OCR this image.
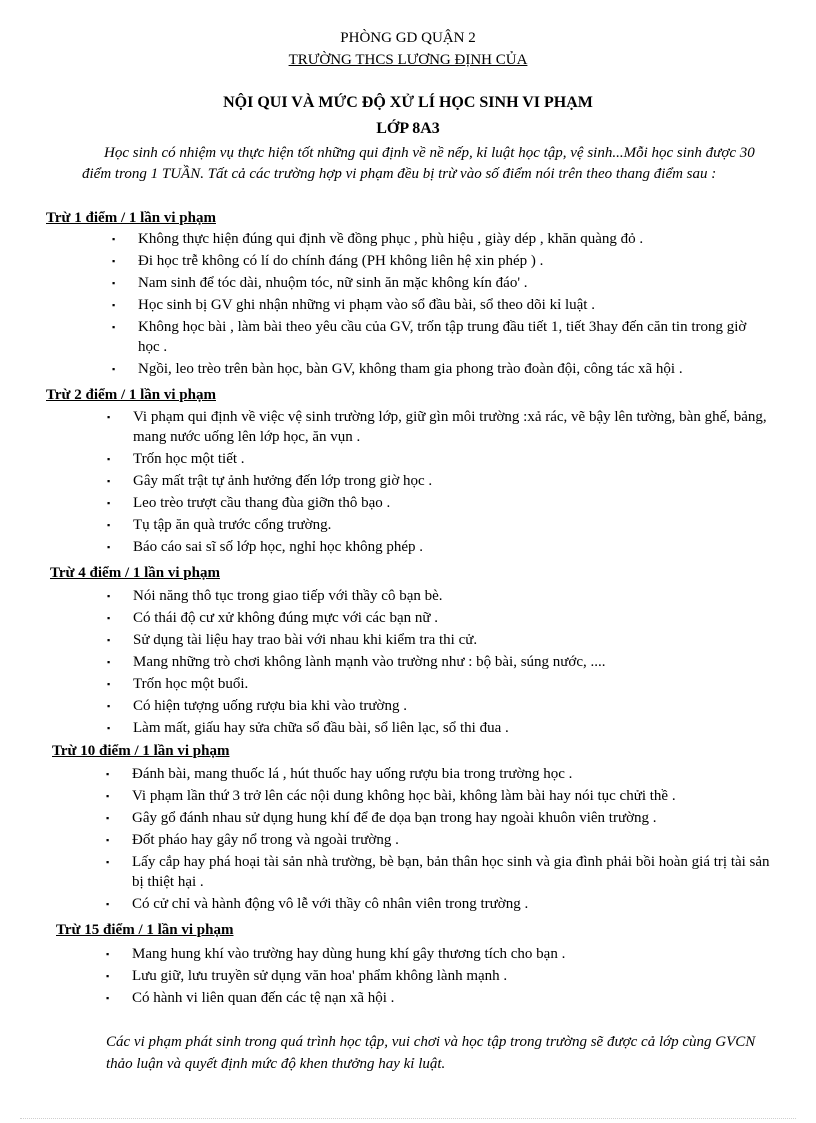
PHÒNG GD QUẬN 2
TRƯỜNG THCS LƯƠNG ĐỊNH CỦA
NỘI QUI VÀ MỨC ĐỘ XỬ LÍ HỌC SINH VI PHẠM
LỚP 8A3
Học sinh có nhiệm vụ thực hiện tốt những qui định về nề nếp, kỉ luật học tập, vệ sinh...Mỗi học sinh được 30 điểm trong 1 TUẦN. Tất cả các trường hợp vi phạm đều bị trừ vào số điểm nói trên theo thang điểm sau :
Trừ 1 điểm / 1 lần vi phạm
▪ Không thực hiện đúng qui định về đồng phục , phù hiệu , giày dép , khăn quàng đỏ .
▪ Đi học trễ không có lí do chính đáng (PH không liên hệ xin phép ) .
▪ Nam sinh để tóc dài, nhuộm tóc, nữ sinh ăn mặc không kín đáo' .
▪ Học sinh bị GV ghi nhận những vi phạm vào sổ đầu bài, sổ theo dõi kỉ luật .
▪ Không học bài , làm bài theo yêu cầu của GV, trốn tập trung đầu tiết 1, tiết 3hay đến căn tin trong giờ học .
▪ Ngồi, leo trèo trên bàn học, bàn GV, không tham gia phong trào đoàn đội, công tác xã hội .
Trừ 2 điểm / 1 lần vi phạm
▪ Vi phạm qui định về việc vệ sinh trường lớp, giữ gìn môi trường :xả rác, vẽ bậy lên tường, bàn ghế, bảng, mang nước uống lên lớp học, ăn vụn .
▪ Trốn học một tiết .
▪ Gây mất trật tự ảnh hưởng đến lớp trong giờ học .
▪ Leo trèo trượt cầu thang đùa giỡn thô bạo .
▪ Tụ tập ăn quà trước cổng trường.
▪ Báo cáo sai sĩ số lớp học, nghỉ học không phép .
Trừ 4 điểm / 1 lần vi phạm
▪ Nói năng thô tục trong giao tiếp với thầy cô bạn bè.
▪ Có thái độ cư xử không đúng mực với các bạn nữ .
▪ Sử dụng tài liệu hay trao bài với nhau khi kiểm tra thi cử.
▪ Mang những trò chơi không lành mạnh vào trường như : bộ bài, súng nước, ....
▪ Trốn học một buổi.
▪ Có hiện tượng uống rượu bia khi vào trường .
▪ Làm mất, giấu hay sửa chữa sổ đầu bài, sổ liên lạc, sổ thi đua .
Trừ 10 điểm / 1 lần vi phạm
▪ Đánh bài, mang thuốc lá , hút thuốc hay uống rượu bia trong trường học .
▪ Vi phạm lần thứ 3 trở lên các nội dung không học bài, không làm bài hay nói tục chửi thề .
▪ Gây gổ đánh nhau sử dụng hung khí để đe dọa bạn trong hay ngoài khuôn viên trường .
▪ Đốt pháo hay gây nổ trong và ngoài trường .
▪ Lấy cắp hay phá hoại tài sản nhà trường, bè bạn, bản thân học sinh và gia đình phải bồi hoàn giá trị tài sản bị thiệt hại .
▪ Có cử chỉ và hành động vô lễ với thầy cô nhân viên trong trường .
Trừ 15 điểm / 1 lần vi phạm
▪ Mang hung khí vào trường hay dùng hung khí gây thương tích cho bạn .
▪ Lưu giữ, lưu truyền sử dụng văn hoa' phẩm không lành mạnh .
▪ Có hành vi liên quan đến các tệ nạn xã hội .
Các vi phạm phát sinh trong quá trình học tập, vui chơi và học tập trong trường sẽ được cả lớp cùng GVCN thảo luận và quyết định mức độ khen thưởng hay kỉ luật.
